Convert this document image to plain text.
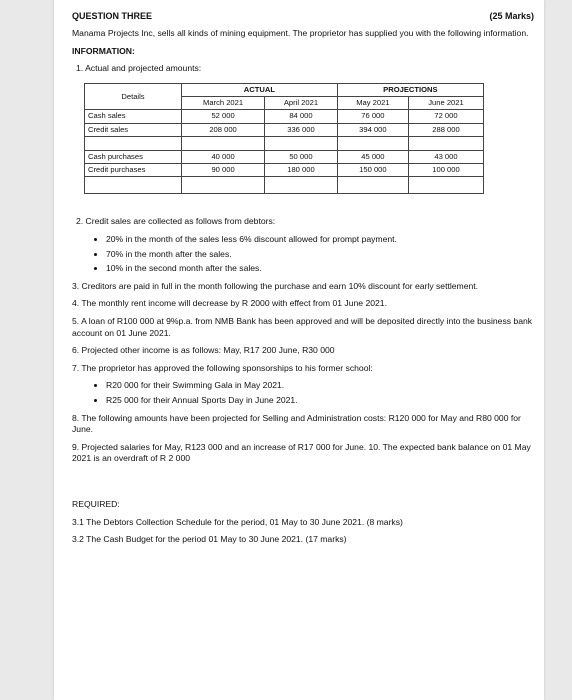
QUESTION THREE	(25 Marks)

Manama Projects Inc, sells all kinds of mining equipment. The proprietor has supplied you with the following information.

INFORMATION:

1. Actual and projected amounts:

Details	ACTUAL		PROJECTIONS	
	March 2021	April 2021	May 2021	June 2021
Cash sales	52 000	84 000	76 000	72 000
Credit sales	208 000	336 000	394 000	288 000

Cash purchases	40 000	50 000	45 000	43 000
Credit purchases	90 000	180 000	150 000	100 000

2. Credit sales are collected as follows from debtors:

• 20% in the month of the sales less 6% discount allowed for prompt payment.
• 70% in the month after the sales.
• 10% in the second month after the sales.

3. Creditors are paid in full in the month following the purchase and earn 10% discount for early settlement.

4. The monthly rent income will decrease by R 2000 with effect from 01 June 2021.

5. A loan of R100 000 at 9%p.a. from NMB Bank has been approved and will be deposited directly into the business bank account on 01 June 2021.

6. Projected other income is as follows: May, R17 200 June, R30 000

7. The proprietor has approved the following sponsorships to his former school:

• R20 000 for their Swimming Gala in May 2021.
• R25 000 for their Annual Sports Day in June 2021.

8. The following amounts have been projected for Selling and Administration costs: R120 000 for May and R80 000 for June.

9. Projected salaries for May, R123 000 and an increase of R17 000 for June. 10. The expected bank balance on 01 May 2021 is an overdraft of R 2 000

REQUIRED:

3.1 The Debtors Collection Schedule for the period, 01 May to 30 June 2021. (8 marks)

3.2 The Cash Budget for the period 01 May to 30 June 2021. (17 marks)
